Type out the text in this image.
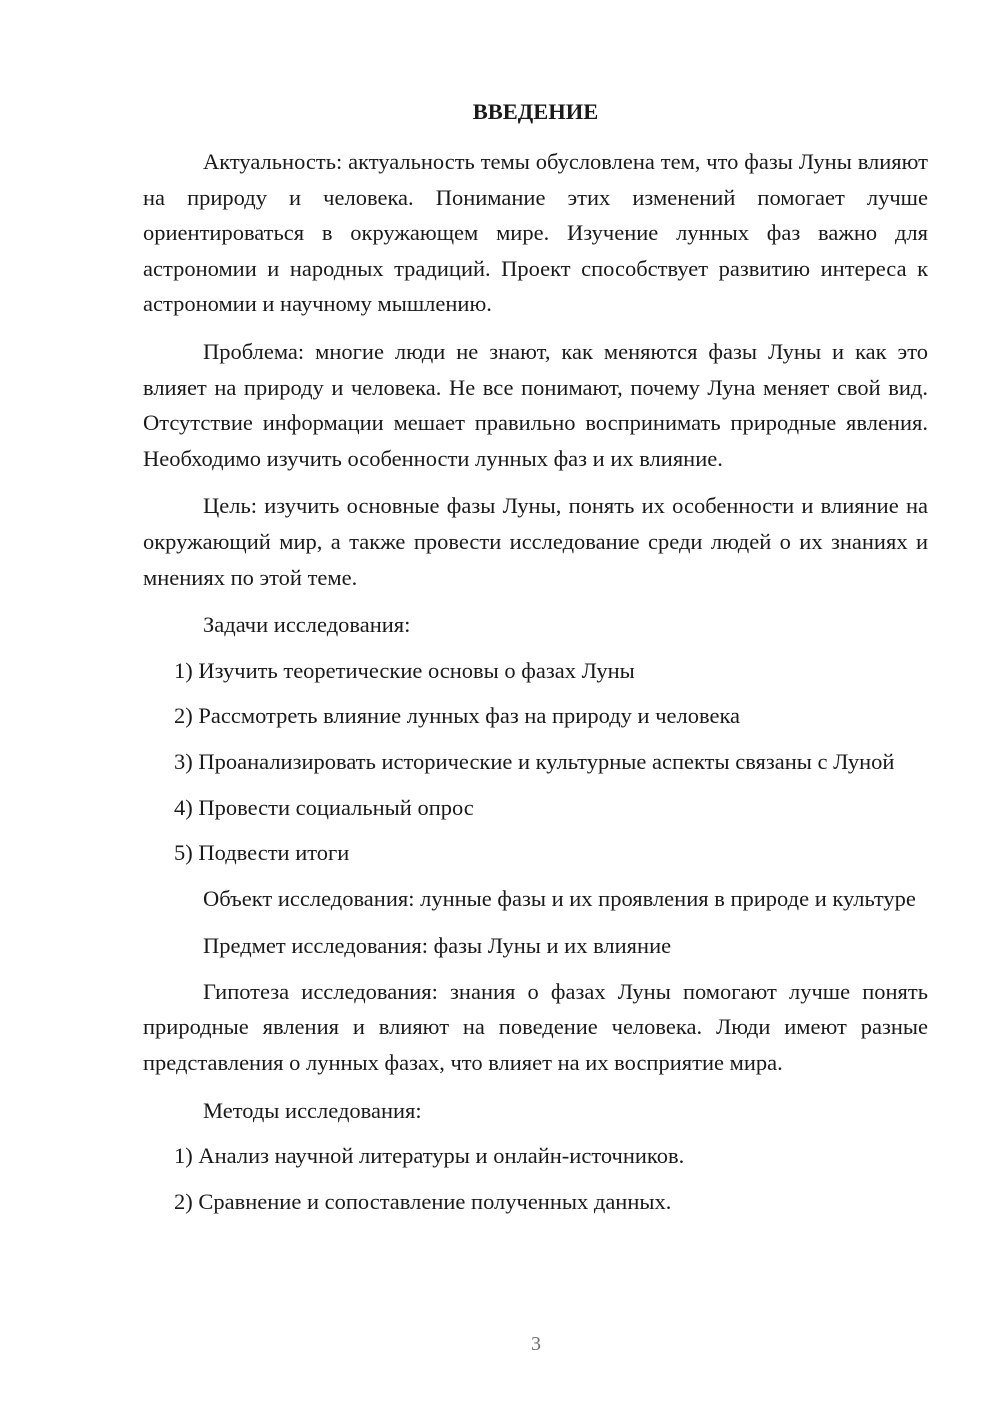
ВВЕДЕНИЕ

Актуальность: актуальность темы обусловлена тем, что фазы Луны влияют на природу и человека. Понимание этих изменений помогает лучше ориентироваться в окружающем мире. Изучение лунных фаз важно для астрономии и народных традиций. Проект способствует развитию интереса к астрономии и научному мышлению.

Проблема: многие люди не знают, как меняются фазы Луны и как это влияет на природу и человека. Не все понимают, почему Луна меняет свой вид. Отсутствие информации мешает правильно воспринимать природные явления. Необходимо изучить особенности лунных фаз и их влияние.

Цель: изучить основные фазы Луны, понять их особенности и влияние на окружающий мир, а также провести исследование среди людей о их знаниях и мнениях по этой теме.

Задачи исследования:

1) Изучить теоретические основы о фазах Луны

2) Рассмотреть влияние лунных фаз на природу и человека

3) Проанализировать исторические и культурные аспекты связаны с Луной

4) Провести социальный опрос

5) Подвести итоги

Объект исследования: лунные фазы и их проявления в природе и культуре

Предмет исследования: фазы Луны и их влияние

Гипотеза исследования: знания о фазах Луны помогают лучше понять природные явления и влияют на поведение человека. Люди имеют разные представления о лунных фазах, что влияет на их восприятие мира.

Методы исследования:

1) Анализ научной литературы и онлайн-источников.

2) Сравнение и сопоставление полученных данных.

3
